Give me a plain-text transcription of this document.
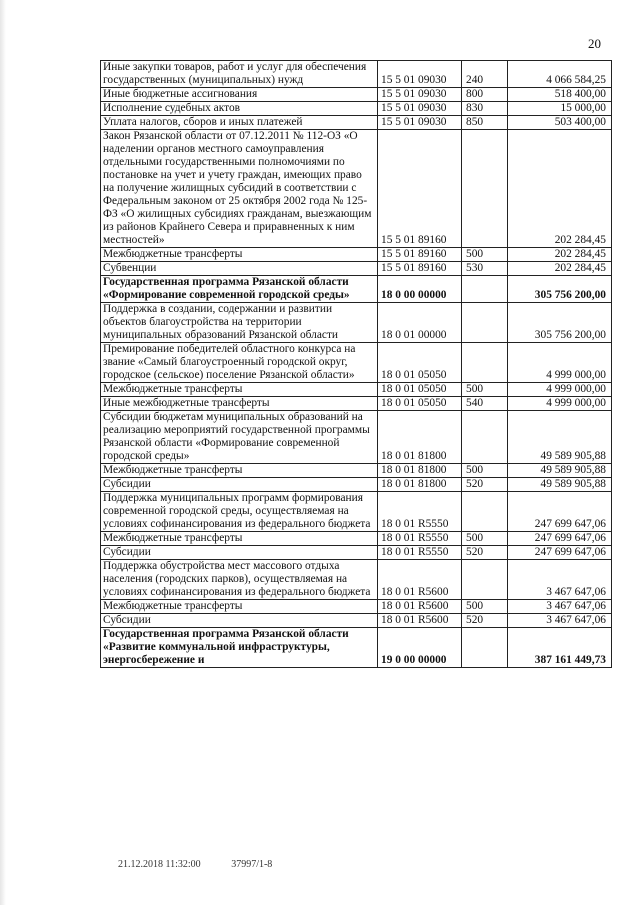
20
Иные закупки товаров, работ и услуг для обеспечения государственных (муниципальных) нужд	15 5 01 09030	240	4 066 584,25
Иные бюджетные ассигнования	15 5 01 09030	800	518 400,00
Исполнение судебных актов	15 5 01 09030	830	15 000,00
Уплата налогов, сборов и иных платежей	15 5 01 09030	850	503 400,00
Закон Рязанской области от 07.12.2011 № 112-ОЗ «О наделении органов местного самоуправления отдельными государственными полномочиями по постановке на учет и учету граждан, имеющих право на получение жилищных субсидий в соответствии с Федеральным законом от 25 октября 2002 года № 125-ФЗ «О жилищных субсидиях гражданам, выезжающим из районов Крайнего Севера и приравненных к ним местностей»	15 5 01 89160		202 284,45
Межбюджетные трансферты	15 5 01 89160	500	202 284,45
Субвенции	15 5 01 89160	530	202 284,45
Государственная программа Рязанской области «Формирование современной городской среды»	18 0 00 00000		305 756 200,00
Поддержка в создании, содержании и развитии объектов благоустройства на территории муниципальных образований Рязанской области	18 0 01 00000		305 756 200,00
Премирование победителей областного конкурса на звание «Самый благоустроенный городской округ, городское (сельское) поселение Рязанской области»	18 0 01 05050		4 999 000,00
Межбюджетные трансферты	18 0 01 05050	500	4 999 000,00
Иные межбюджетные трансферты	18 0 01 05050	540	4 999 000,00
Субсидии бюджетам муниципальных образований на реализацию мероприятий государственной программы Рязанской области «Формирование современной городской среды»	18 0 01 81800		49 589 905,88
Межбюджетные трансферты	18 0 01 81800	500	49 589 905,88
Субсидии	18 0 01 81800	520	49 589 905,88
Поддержка муниципальных программ формирования современной городской среды, осуществляемая на условиях софинансирования из федерального бюджета	18 0 01 R5550		247 699 647,06
Межбюджетные трансферты	18 0 01 R5550	500	247 699 647,06
Субсидии	18 0 01 R5550	520	247 699 647,06
Поддержка обустройства мест массового отдыха населения (городских парков), осуществляемая на условиях софинансирования из федерального бюджета	18 0 01 R5600		3 467 647,06
Межбюджетные трансферты	18 0 01 R5600	500	3 467 647,06
Субсидии	18 0 01 R5600	520	3 467 647,06
Государственная программа Рязанской области «Развитие коммунальной инфраструктуры, энергосбережение и	19 0 00 00000		387 161 449,73
21.12.2018 11:32:00	37997/1-8
